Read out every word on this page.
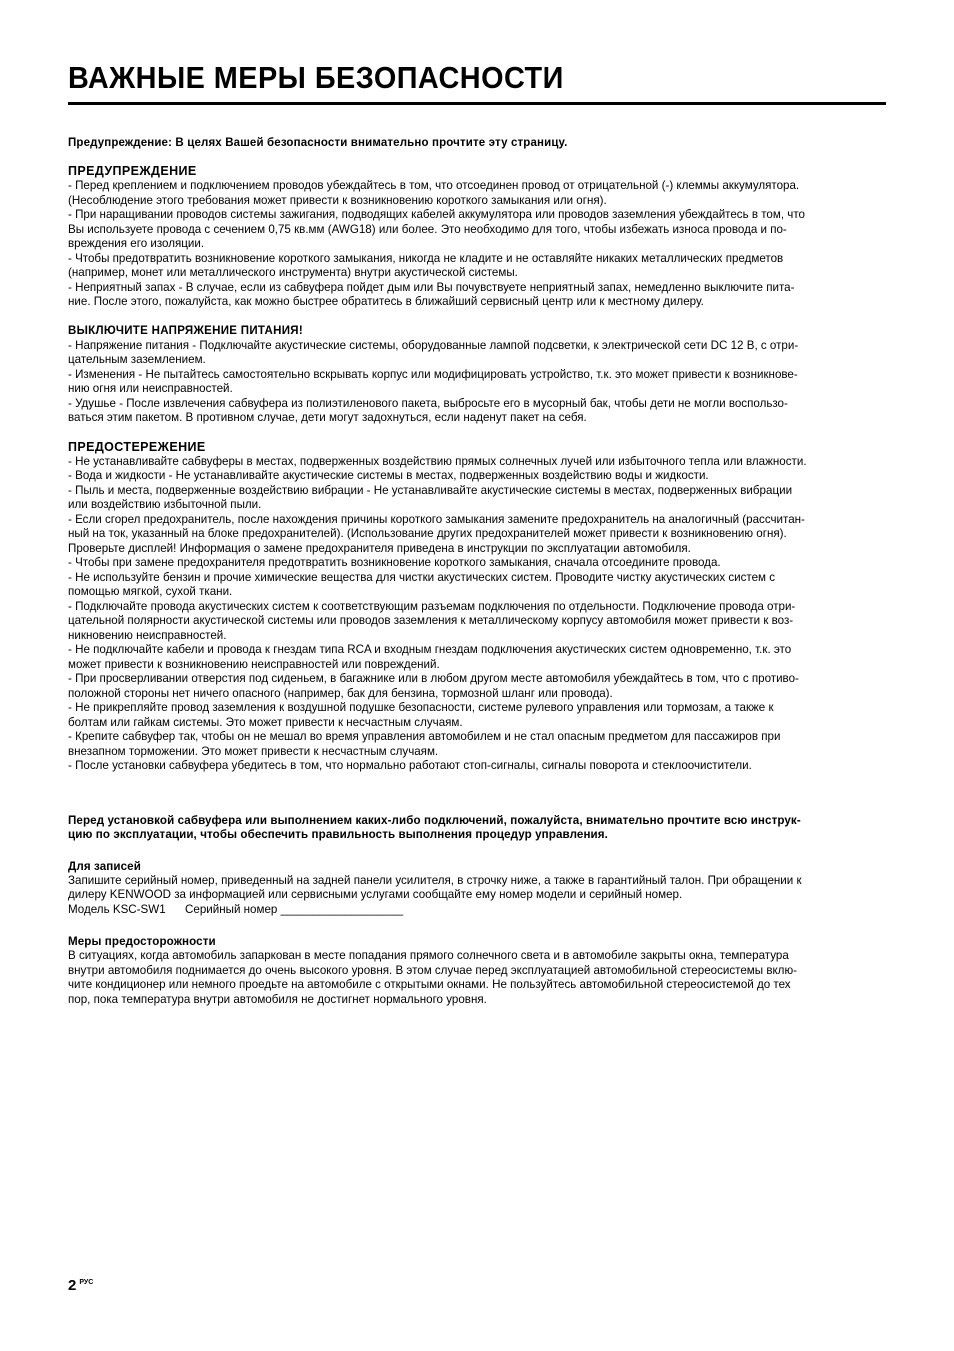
ВАЖНЫЕ МЕРЫ БЕЗОПАСНОСТИ
Предупреждение: В целях Вашей безопасности внимательно прочтите эту страницу.
ПРЕДУПРЕЖДЕНИЕ
- Перед креплением и подключением проводов убеждайтесь в том, что отсоединен провод от отрицательной (-) клеммы аккумулятора.
(Несоблюдение этого требования может привести к возникновению короткого замыкания или огня).
- При наращивании проводов системы зажигания, подводящих кабелей аккумулятора или проводов заземления убеждайтесь в том, что
Вы используете провода с сечением 0,75 кв.мм (AWG18) или более. Это необходимо для того, чтобы избежать износа провода и по-
вреждения его изоляции.
- Чтобы предотвратить возникновение короткого замыкания, никогда не кладите и не оставляйте никаких металлических предметов
(например, монет или металлического инструмента) внутри акустической системы.
- Неприятный запах - В случае, если из сабвуфера пойдет дым или Вы почувствуете неприятный запах, немедленно выключите пита-
ние. После этого, пожалуйста, как можно быстрее обратитесь в ближайший сервисный центр или к местному дилеру.
ВЫКЛЮЧИТЕ НАПРЯЖЕНИЕ ПИТАНИЯ!
- Напряжение питания - Подключайте акустические системы, оборудованные лампой подсветки, к электрической сети DC 12 В, с отри-
цательным заземлением.
- Изменения - Не пытайтесь самостоятельно вскрывать корпус или модифицировать устройство, т.к. это может привести к возникнове-
нию огня или неисправностей.
- Удушье - После извлечения сабвуфера из полиэтиленового пакета, выбросьте его в мусорный бак, чтобы дети не могли воспользо-
ваться этим пакетом. В противном случае, дети могут задохнуться, если наденут пакет на себя.
ПРЕДОСТЕРЕЖЕНИЕ
- Не устанавливайте сабвуферы в местах, подверженных воздействию прямых солнечных лучей или избыточного тепла или влажности.
- Вода и жидкости - Не устанавливайте акустические системы в местах, подверженных воздействию воды и жидкости.
- Пыль и места, подверженные воздействию вибрации - Не устанавливайте акустические системы в местах, подверженных вибрации
или воздействию избыточной пыли.
- Если сгорел предохранитель, после нахождения причины короткого замыкания замените предохранитель на аналогичный (рассчитан-
ный на ток, указанный на блоке предохранителей). (Использование других предохранителей может привести к возникновению огня).
Проверьте дисплей! Информация о замене предохранителя приведена в инструкции по эксплуатации автомобиля.
- Чтобы при замене предохранителя предотвратить возникновение короткого замыкания, сначала отсоедините провода.
- Не используйте бензин и прочие химические вещества для чистки акустических систем. Проводите чистку акустических систем с
помощью мягкой, сухой ткани.
- Подключайте провода акустических систем к соответствующим разъемам подключения по отдельности. Подключение провода отри-
цательной полярности акустической системы или проводов заземления к металлическому корпусу автомобиля может привести к воз-
никновению неисправностей.
- Не подключайте кабели и провода к гнездам типа RCA и входным гнездам подключения акустических систем одновременно, т.к. это
может привести к возникновению неисправностей или повреждений.
- При просверливании отверстия под сиденьем, в багажнике или в любом другом месте автомобиля убеждайтесь в том, что с противо-
положной стороны нет ничего опасного (например, бак для бензина, тормозной шланг или провода).
- Не прикрепляйте провод заземления к воздушной подушке безопасности, системе рулевого управления или тормозам, а также к
болтам или гайкам системы. Это может привести к несчастным случаям.
- Крепите сабвуфер так, чтобы он не мешал во время управления автомобилем и не стал опасным предметом для пассажиров при
внезапном торможении. Это может привести к несчастным случаям.
- После установки сабвуфера убедитесь в том, что нормально работают стоп-сигналы, сигналы поворота и стеклоочистители.
Перед установкой сабвуфера или выполнением каких-либо подключений, пожалуйста, внимательно прочтите всю инструк-
цию по эксплуатации, чтобы обеспечить правильность выполнения процедур управления.
Для записей
Запишите серийный номер, приведенный на задней панели усилителя, в строчку ниже, а также в гарантийный талон. При обращении к
дилеру KENWOOD за информацией или сервисными услугами сообщайте ему номер модели и серийный номер.
Модель KSC-SW1 Серийный номер ___________________
Меры предосторожности
В ситуациях, когда автомобиль запаркован в месте попадания прямого солнечного света и в автомобиле закрыты окна, температура
внутри автомобиля поднимается до очень высокого уровня. В этом случае перед эксплуатацией автомобильной стереосистемы вклю-
чите кондиционер или немного проедьте на автомобиле с открытыми окнами. Не пользуйтесь автомобильной стереосистемой до тех
пор, пока температура внутри автомобиля не достигнет нормального уровня.
2 $^{РУС}$
